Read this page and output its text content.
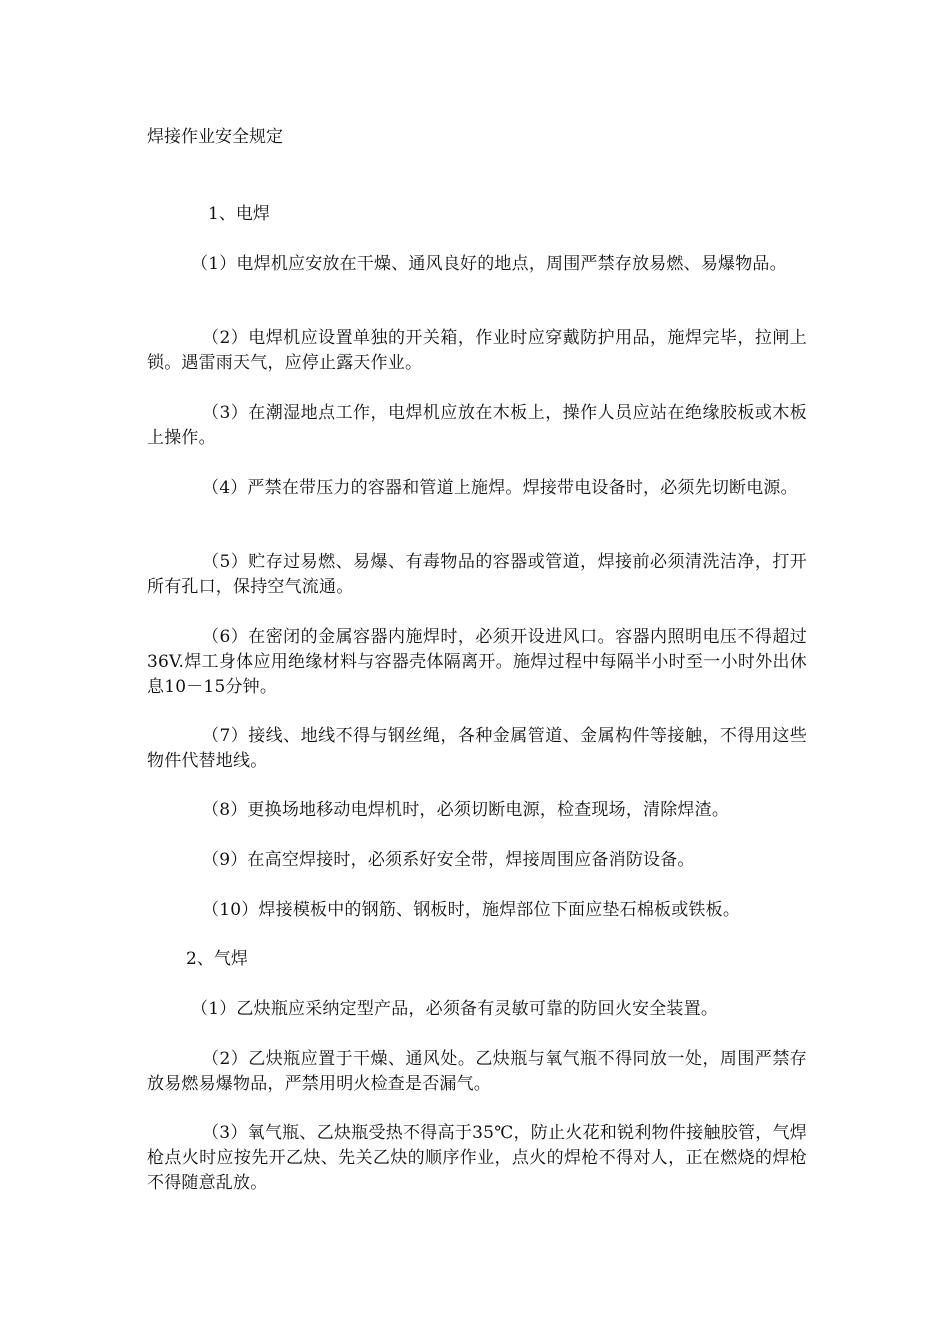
焊接作业安全规定
1、电焊
（1）电焊机应安放在干燥、通风良好的地点，周围严禁存放易燃、易爆物品。
（2）电焊机应设置单独的开关箱，作业时应穿戴防护用品，施焊完毕，拉闸上锁。遇雷雨天气，应停止露天作业。
（3）在潮湿地点工作，电焊机应放在木板上，操作人员应站在绝缘胶板或木板上操作。
（4）严禁在带压力的容器和管道上施焊。焊接带电设备时，必须先切断电源。
（5）贮存过易燃、易爆、有毒物品的容器或管道，焊接前必须清洗洁净，打开所有孔口，保持空气流通。
（6）在密闭的金属容器内施焊时，必须开设进风口。容器内照明电压不得超过36V.焊工身体应用绝缘材料与容器壳体隔离开。施焊过程中每隔半小时至一小时外出休息10－15分钟。
（7）接线、地线不得与钢丝绳，各种金属管道、金属构件等接触，不得用这些物件代替地线。
（8）更换场地移动电焊机时，必须切断电源，检查现场，清除焊渣。
（9）在高空焊接时，必须系好安全带，焊接周围应备消防设备。
（10）焊接模板中的钢筋、钢板时，施焊部位下面应垫石棉板或铁板。
2、气焊
（1）乙炔瓶应采纳定型产品，必须备有灵敏可靠的防回火安全装置。
（2）乙炔瓶应置于干燥、通风处。乙炔瓶与氧气瓶不得同放一处，周围严禁存放易燃易爆物品，严禁用明火检查是否漏气。
（3）氧气瓶、乙炔瓶受热不得高于35℃，防止火花和锐利物件接触胶管，气焊枪点火时应按先开乙炔、先关乙炔的顺序作业，点火的焊枪不得对人，正在燃烧的焊枪不得随意乱放。
